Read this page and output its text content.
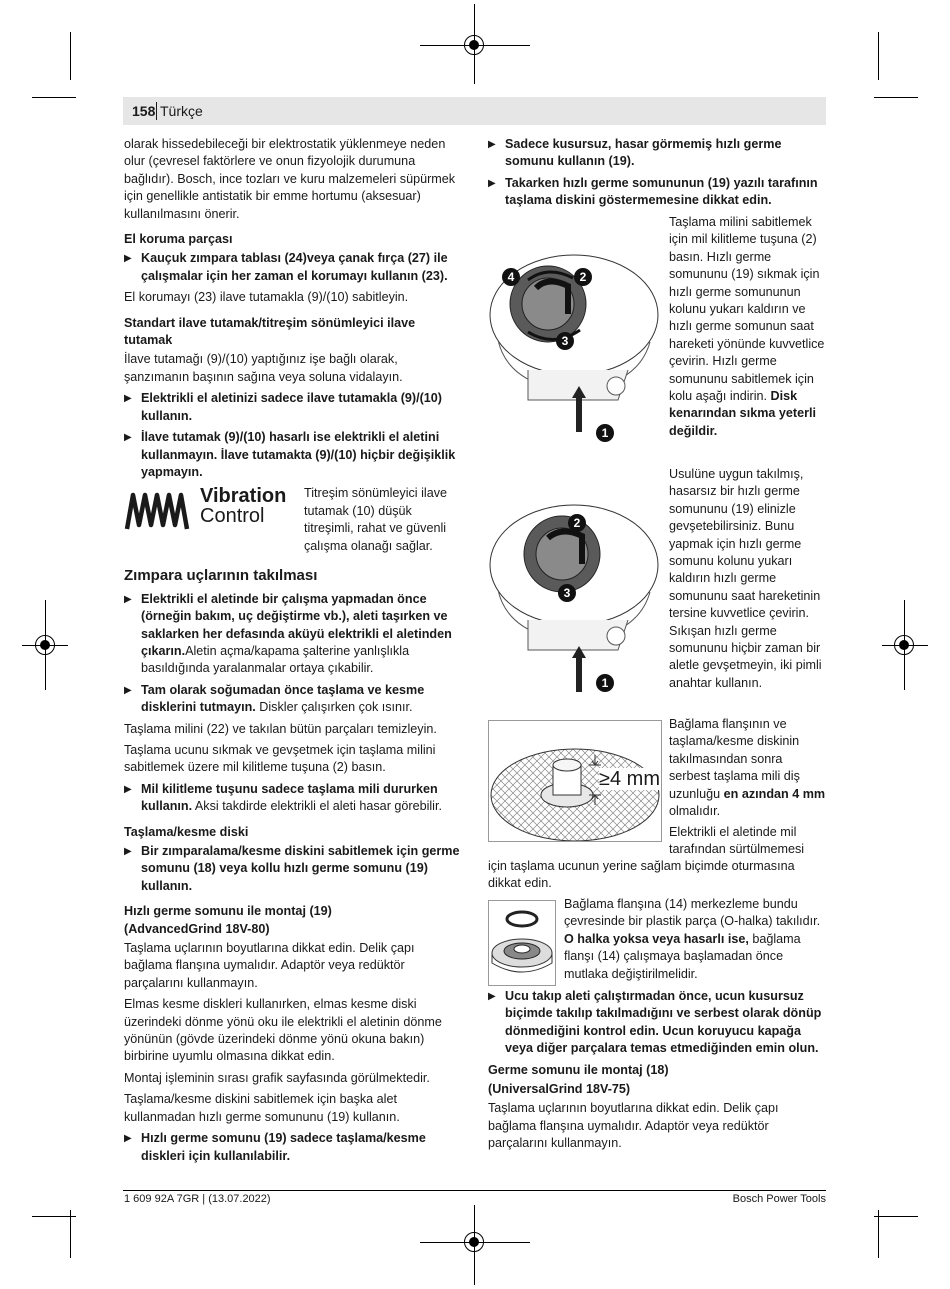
158 Türkçe

olarak hissedebileceği bir elektrostatik yüklenmeye neden olur (çevresel faktörlere ve onun fizyolojik durumuna bağlıdır). Bosch, ince tozları ve kuru malzemeleri süpürmek için genellikle antistatik bir emme hortumu (aksesuar) kullanılmasını önerir.

El koruma parçası
▶ Kauçuk zımpara tablası (24)veya çanak fırça (27) ile çalışmalar için her zaman el korumayı kullanın (23).

El korumayı (23) ilave tutamakla (9)/(10) sabitleyin.

Standart ilave tutamak/titreşim sönümleyici ilave tutamak

İlave tutamağı (9)/(10) yaptığınız işe bağlı olarak, şanzımanın başının sağına veya soluna vidalayın.

▶ Elektrikli el aletinizi sadece ilave tutamakla (9)/(10) kullanın.
▶ İlave tutamak (9)/(10) hasarlı ise elektrikli el aletini kullanmayın. İlave tutamakta (9)/(10) hiçbir değişiklik yapmayın.
Vibration
Control
Titreşim sönümleyici ilave tutamak (10) düşük titreşimli, rahat ve güvenli çalışma olanağı sağlar.
Zımpara uçlarının takılması
▶ Elektrikli el aletinde bir çalışma yapmadan önce (örneğin bakım, uç değiştirme vb.), aleti taşırken ve saklarken her defasında aküyü elektrikli el aletinden çıkarın.Aletin açma/kapama şalterine yanlışlıkla basıldığında yaralanmalar ortaya çıkabilir.
▶ Tam olarak soğumadan önce taşlama ve kesme disklerini tutmayın. Diskler çalışırken çok ısınır.

Taşlama milini (22) ve takılan bütün parçaları temizleyin.

Taşlama ucunu sıkmak ve gevşetmek için taşlama milini sabitlemek üzere mil kilitleme tuşuna (2) basın.

▶ Mil kilitleme tuşunu sadece taşlama mili dururken kullanın. Aksi takdirde elektrikli el aleti hasar görebilir.
Taşlama/kesme diski
▶ Bir zımparalama/kesme diskini sabitlemek için germe somunu (18) veya kollu hızlı germe somunu (19) kullanın.
Hızlı germe somunu ile montaj (19)
(AdvancedGrind 18V-80)

Taşlama uçlarının boyutlarına dikkat edin. Delik çapı bağlama flanşına uymalıdır. Adaptör veya redüktör parçalarını kullanmayın.

Elmas kesme diskleri kullanırken, elmas kesme diski üzerindeki dönme yönü oku ile elektrikli el aletinin dönme yönünün (gövde üzerindeki dönme yönü okuna bakın) birbirine uyumlu olmasına dikkat edin.

Montaj işleminin sırası grafik sayfasında görülmektedir.

Taşlama/kesme diskini sabitlemek için başka alet kullanmadan hızlı germe somununu (19) kullanın.

▶ Hızlı germe somunu (19) sadece taşlama/kesme diskleri için kullanılabilir.
▶ Sadece kusursuz, hasar görmemiş hızlı germe somunu kullanın (19).
▶ Takarken hızlı germe somununun (19) yazılı tarafının taşlama diskini göstermemesine dikkat edin.
4	2
3
1
Taşlama milini sabitlemek için mil kilitleme tuşuna (2) basın. Hızlı germe somununu (19) sıkmak için hızlı germe somununun kolunu yukarı kaldırın ve hızlı germe somunun saat hareketi yönünde kuvvetlice çevirin. Hızlı germe somununu sabitlemek için kolu aşağı indirin. Disk kenarından sıkma yeterli değildir.
2
3
1
Usulüne uygun takılmış, hasarsız bir hızlı germe somununu (19) elinizle gevşetebilirsiniz. Bunu yapmak için hızlı germe somunu kolunu yukarı kaldırın hızlı germe somununu saat hareketinin tersine kuvvetlice çevirin. Sıkışan hızlı germe somununu hiçbir zaman bir aletle gevşetmeyin, iki pimli anahtar kullanın.
≥4 mm
Bağlama flanşının ve taşlama/kesme diskinin takılmasından sonra serbest taşlama mili diş uzunluğu en azından 4 mm olmalıdır.
Elektrikli el aletinde mil tarafından sürtülmemesi
için taşlama ucunun yerine sağlam biçimde oturmasına dikkat edin.
Bağlama flanşına (14) merkezleme bundu çevresinde bir plastik parça (O-halka) takılıdır. O halka yoksa veya hasarlı ise, bağlama flanşı (14) çalışmaya başlamadan önce mutlaka değiştirilmelidir.
▶ Ucu takıp aleti çalıştırmadan önce, ucun kusursuz biçimde takılıp takılmadığını ve serbest olarak dönüp dönmediğini kontrol edin. Ucun koruyucu kapağa veya diğer parçalara temas etmediğinden emin olun.
Germe somunu ile montaj (18)
(UniversalGrind 18V-75)

Taşlama uçlarının boyutlarına dikkat edin. Delik çapı bağlama flanşına uymalıdır. Adaptör veya redüktör parçalarını kullanmayın.

1 609 92A 7GR | (13.07.2022)	Bosch Power Tools
